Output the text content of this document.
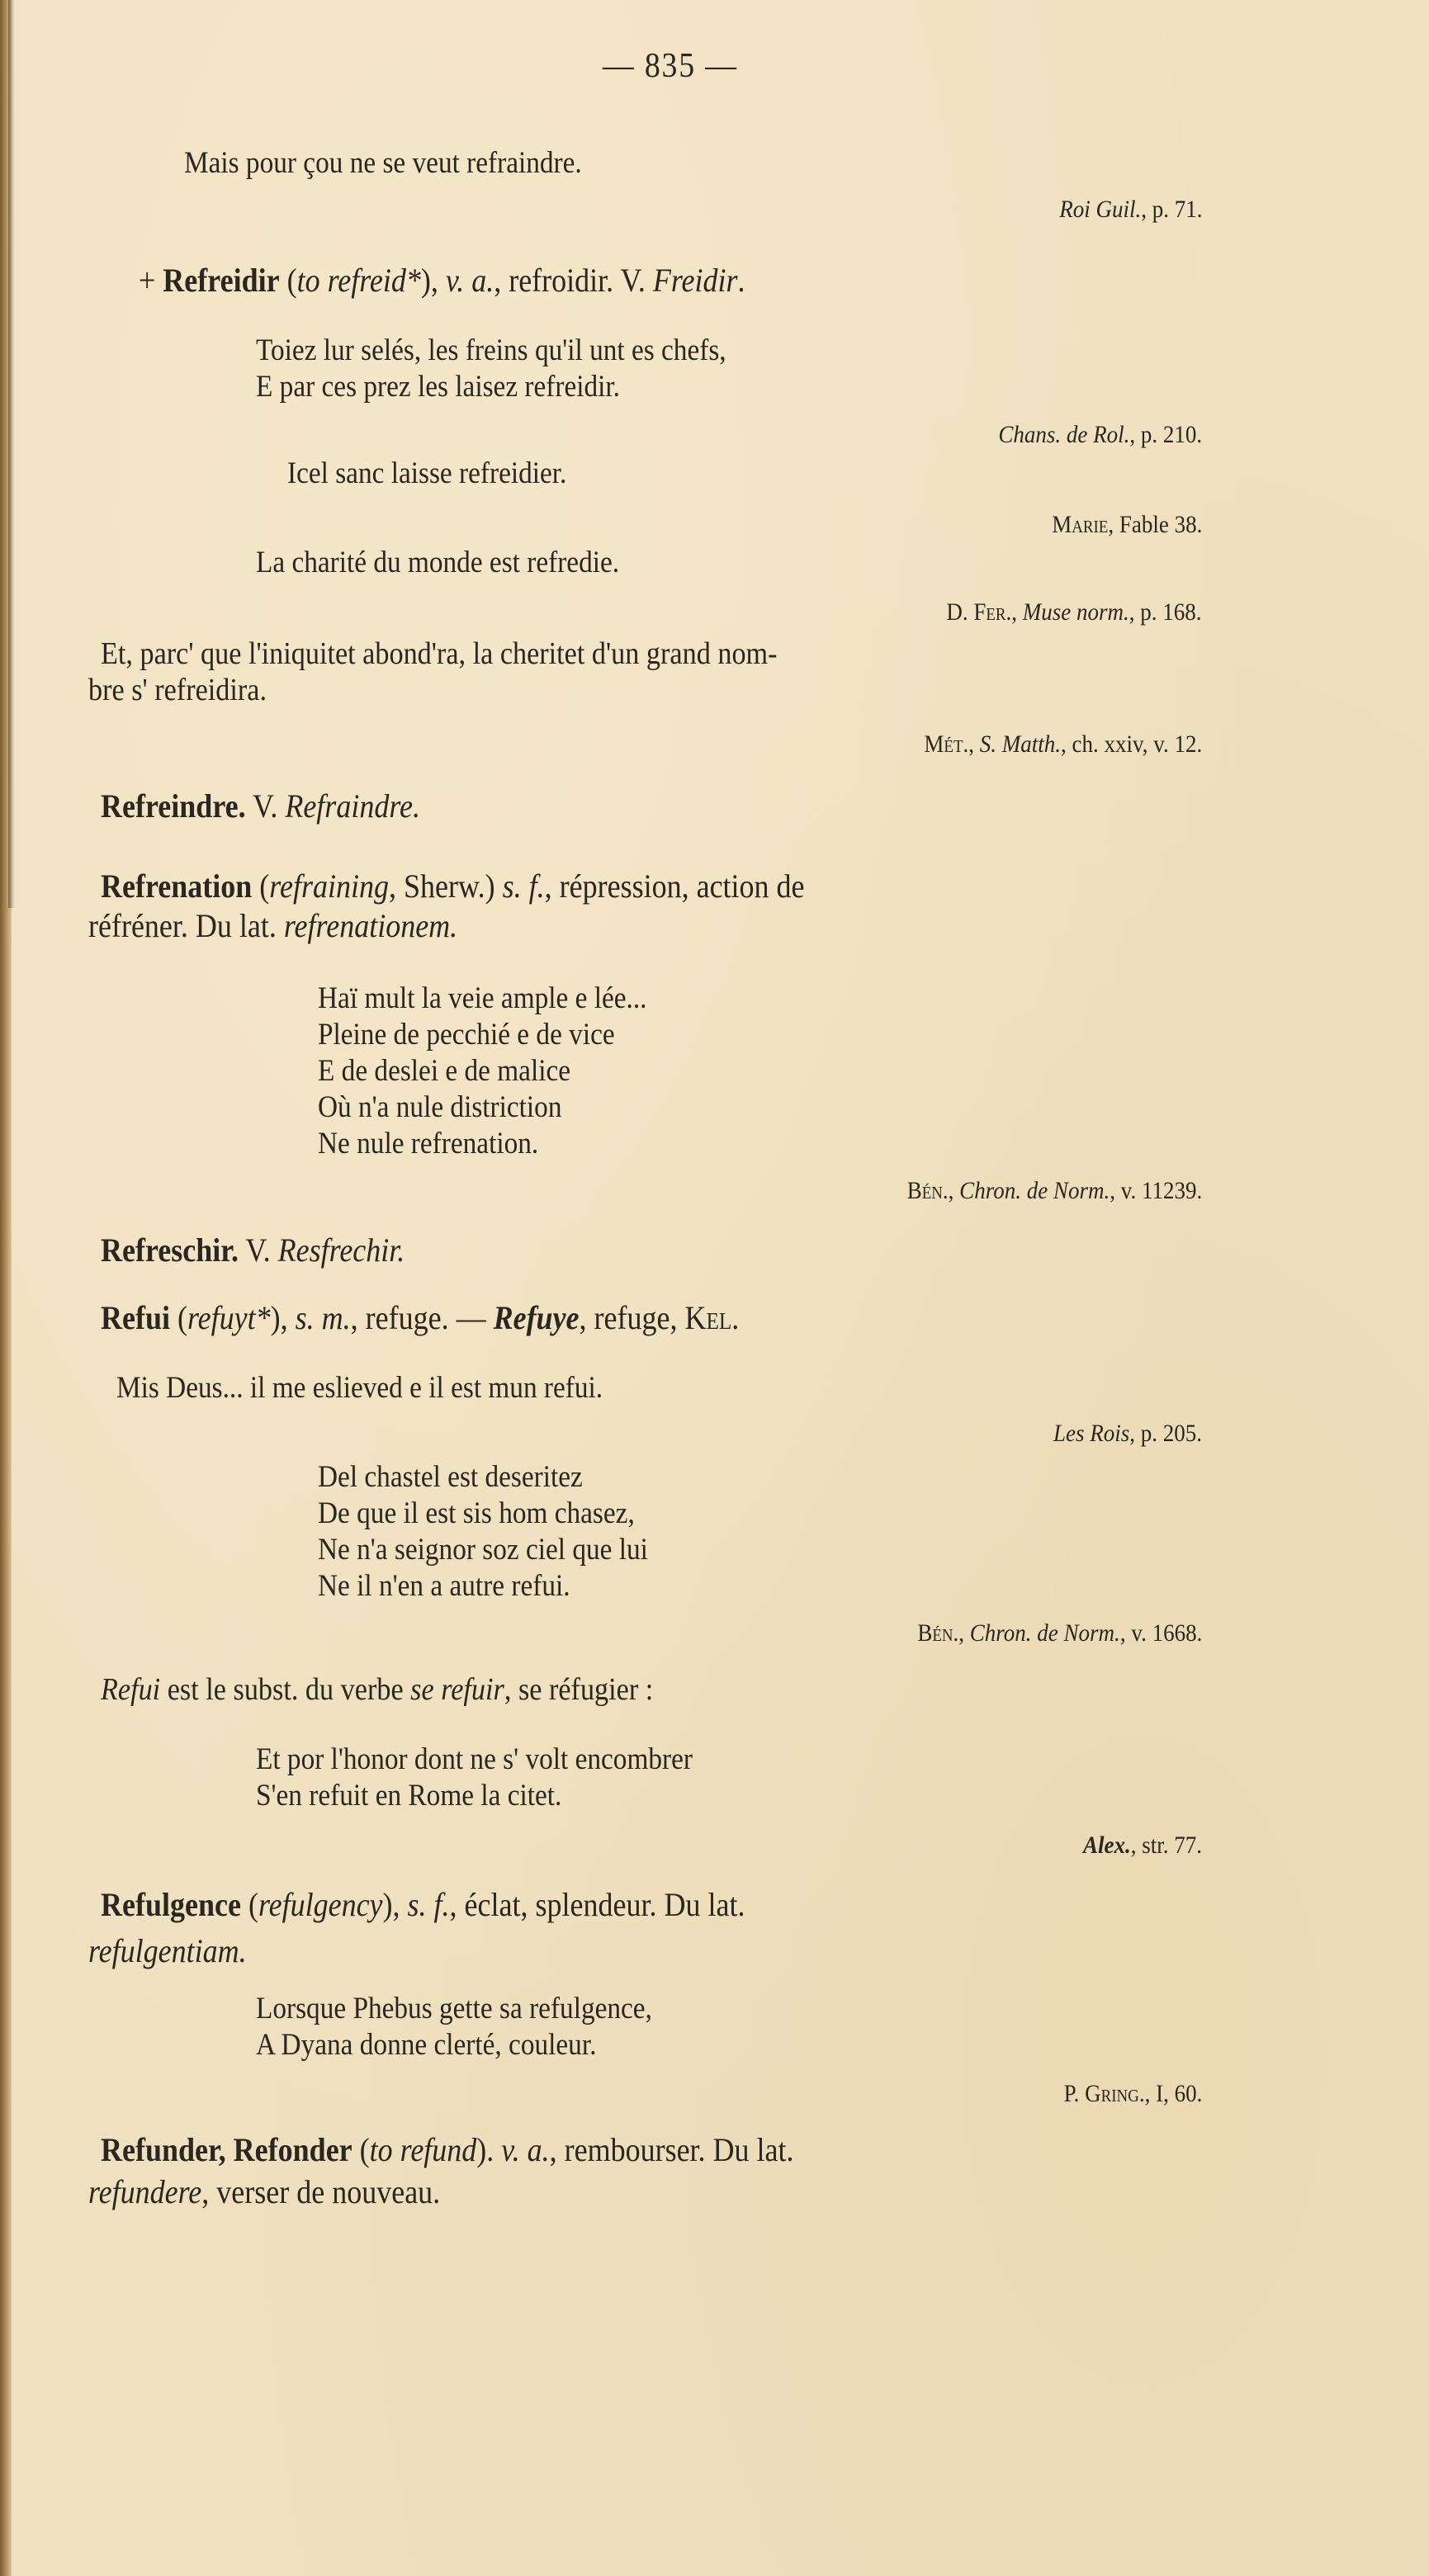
— 835 —
Mais pour çou ne se veut refraindre.
Roi Guil., p. 71.
+ Refreidir (to refreid*), v. a., refroidir. V. Freidir.
Toiez lur selés, les freins qu'il unt es chefs,
E par ces prez les laisez refreidir.
Chans. de Rol., p. 210.
Icel sanc laisse refreidier.
Marie, Fable 38.
La charité du monde est refredie.
D. Fer., Muse norm., p. 168.
Et, parc' que l'iniquitet abond'ra, la cheritet d'un grand nom-
bre s' refreidira.
Mét., S. Matth., ch. xxiv, v. 12.
Refreindre. V. Refraindre.
Refrenation (refraining, Sherw.) s. f., répression, action de
réfréner. Du lat. refrenationem.
Haï mult la veie ample e lée...
Pleine de pecchié e de vice
E de deslei e de malice
Où n'a nule distriction
Ne nule refrenation.
Bén., Chron. de Norm., v. 11239.
Refreschir. V. Resfrechir.
Refui (refuyt*), s. m., refuge. — Refuye, refuge, Kel.
Mis Deus... il me eslieved e il est mun refui.
Les Rois, p. 205.
Del chastel est deseritez
De que il est sis hom chasez,
Ne n'a seignor soz ciel que lui
Ne il n'en a autre refui.
Bén., Chron. de Norm., v. 1668.
Refui est le subst. du verbe se refuir, se réfugier :
Et por l'honor dont ne s' volt encombrer
S'en refuit en Rome la citet.
Alex., str. 77.
Refulgence (refulgency), s. f., éclat, splendeur. Du lat.
refulgentiam.
Lorsque Phebus gette sa refulgence,
A Dyana donne clerté, couleur.
P. Gring., I, 60.
Refunder, Refonder (to refund). v. a., rembourser. Du lat.
refundere, verser de nouveau.
